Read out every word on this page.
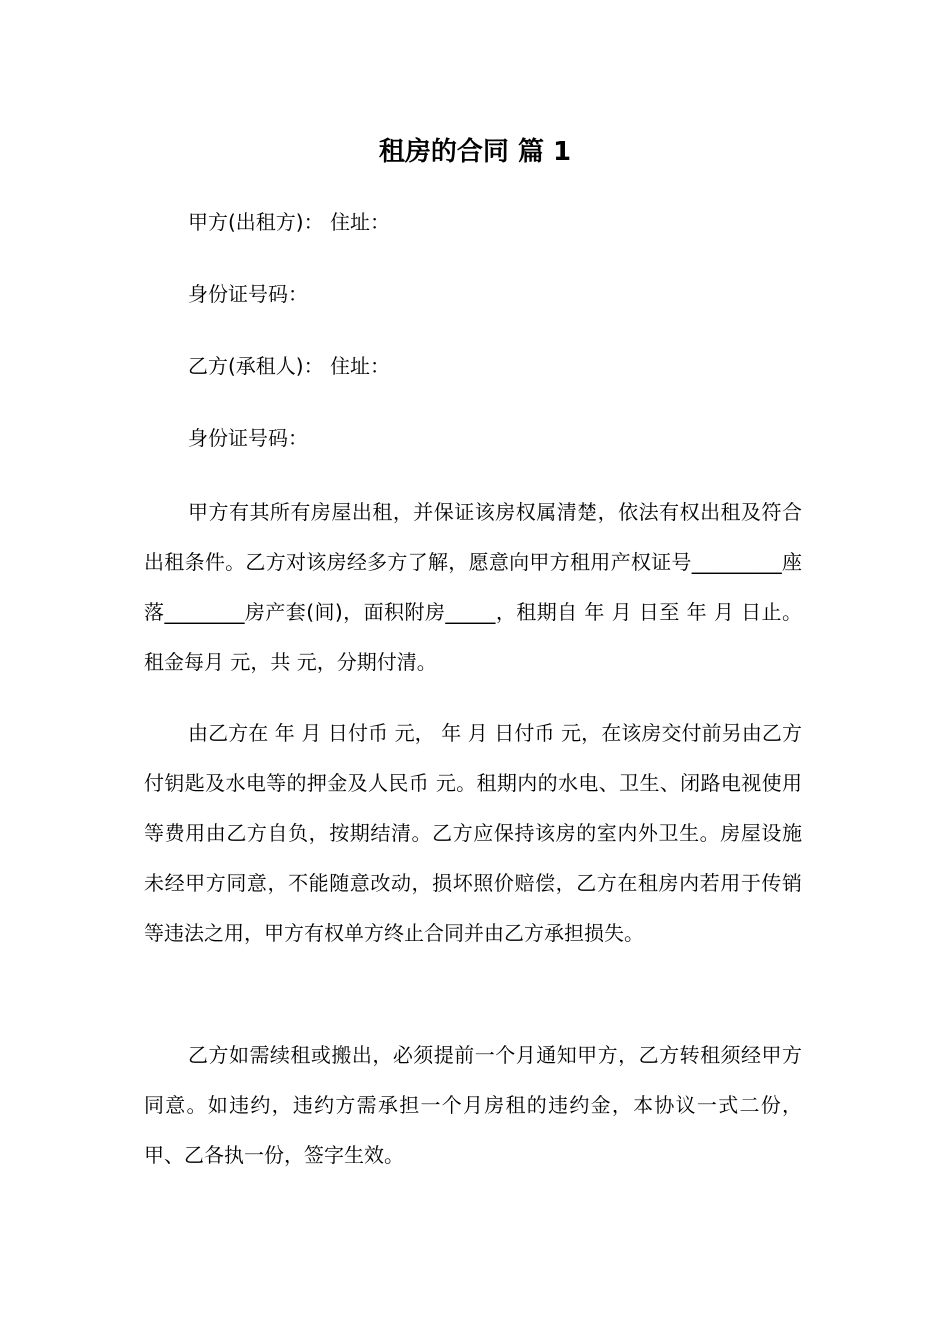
租房的合同 篇 1

甲方(出租方)： 住址：

身份证号码：

乙方(承租人)： 住址：

身份证号码：

甲方有其所有房屋出租，并保证该房权属清楚，依法有权出租及符合出租条件。乙方对该房经多方了解，愿意向甲方租用产权证号_________座落________房产套(间)，面积附房_____，租期自 年 月 日至 年 月 日止。租金每月 元，共 元，分期付清。

由乙方在 年 月 日付币 元， 年 月 日付币 元，在该房交付前另由乙方付钥匙及水电等的押金及人民币 元。租期内的水电、卫生、闭路电视使用等费用由乙方自负，按期结清。乙方应保持该房的室内外卫生。房屋设施未经甲方同意，不能随意改动，损坏照价赔偿，乙方在租房内若用于传销等违法之用，甲方有权单方终止合同并由乙方承担损失。

乙方如需续租或搬出，必须提前一个月通知甲方，乙方转租须经甲方同意。如违约，违约方需承担一个月房租的违约金，本协议一式二份，甲、乙各执一份，签字生效。
